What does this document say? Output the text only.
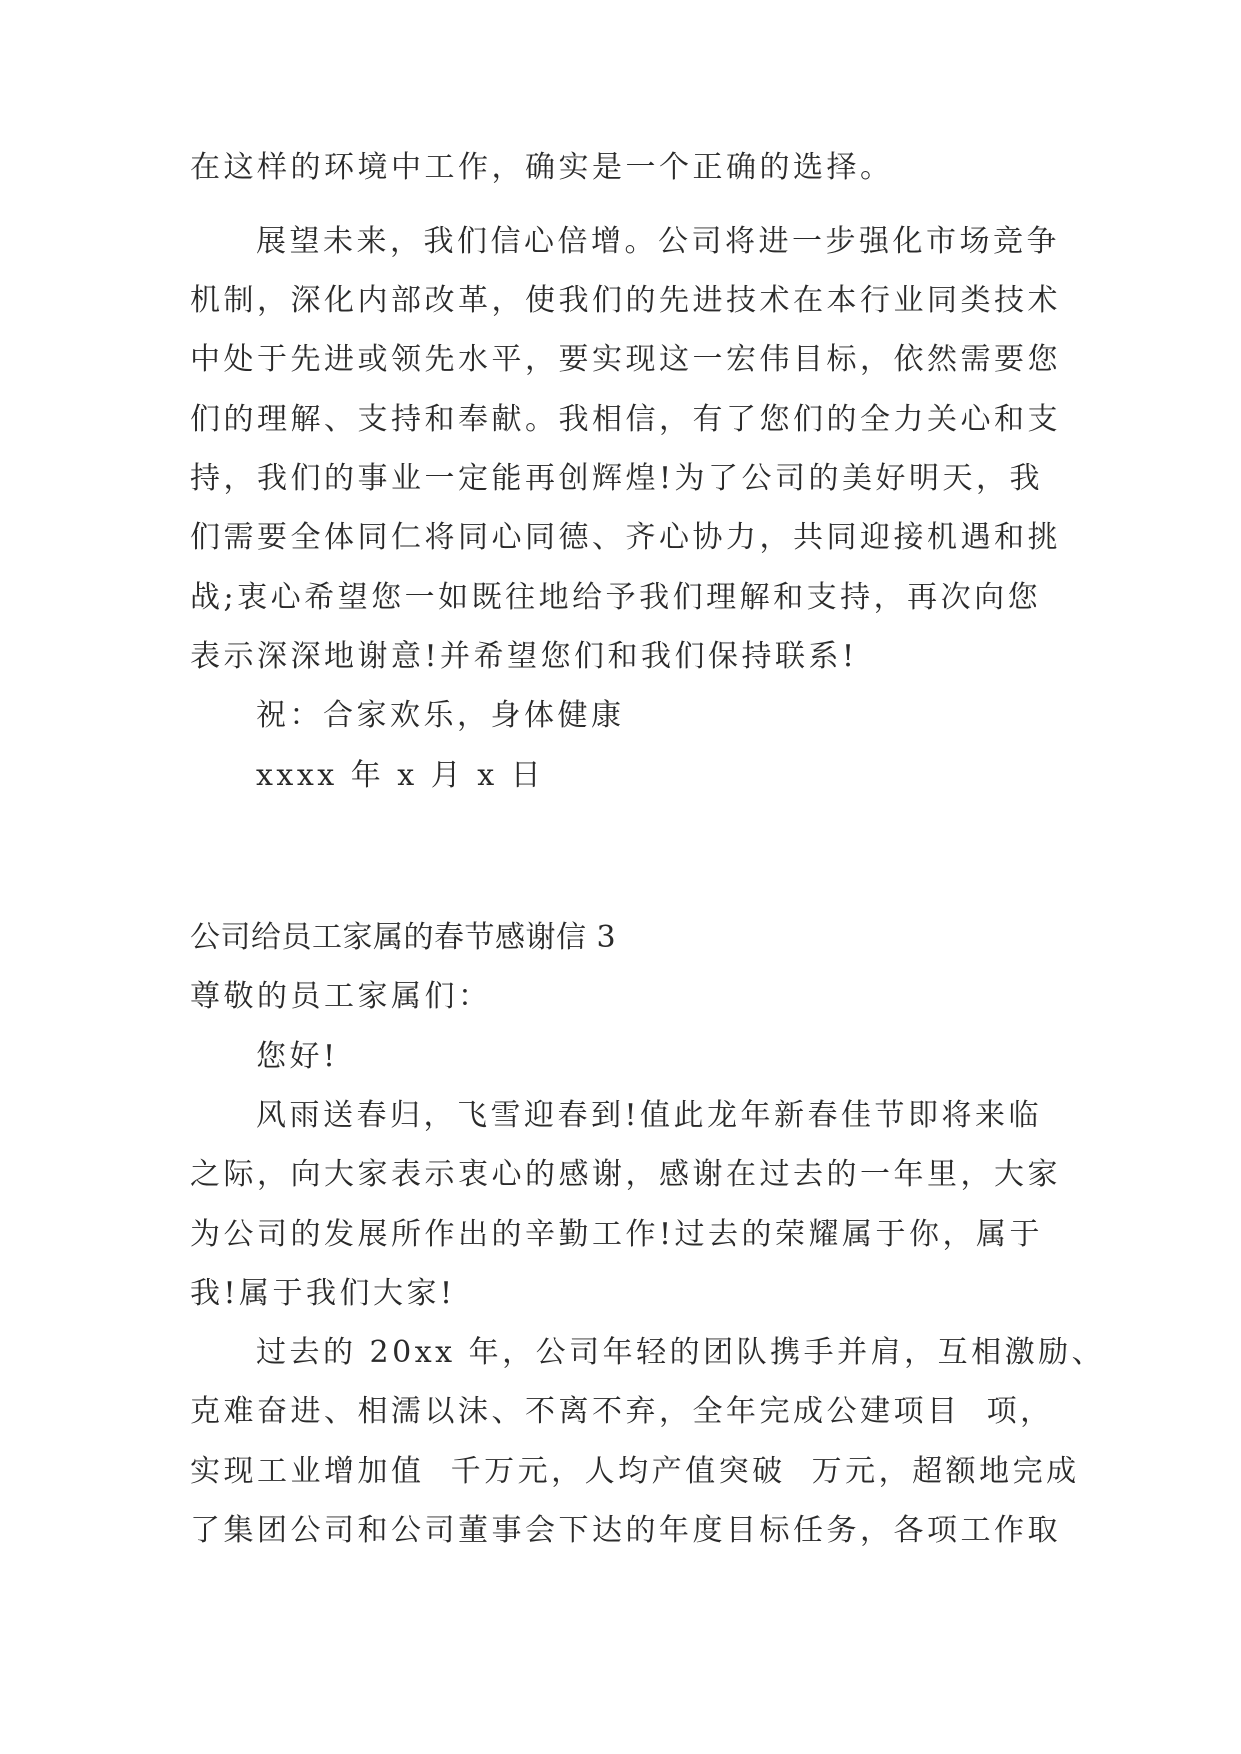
在这样的环境中工作，确实是一个正确的选择。

展望未来，我们信心倍增。公司将进一步强化市场竞争

机制，深化内部改革，使我们的先进技术在本行业同类技术

中处于先进或领先水平，要实现这一宏伟目标，依然需要您

们的理解、支持和奉献。我相信，有了您们的全力关心和支

持，我们的事业一定能再创辉煌!为了公司的美好明天，我

们需要全体同仁将同心同德、齐心协力，共同迎接机遇和挑

战;衷心希望您一如既往地给予我们理解和支持，再次向您

表示深深地谢意!并希望您们和我们保持联系!

祝：合家欢乐，身体健康

xxxx 年 x 月 x 日

公司给员工家属的春节感谢信 3

尊敬的员工家属们：

您好!

风雨送春归，飞雪迎春到!值此龙年新春佳节即将来临

之际，向大家表示衷心的感谢，感谢在过去的一年里，大家

为公司的发展所作出的辛勤工作!过去的荣耀属于你，属于

我!属于我们大家!

过去的 20xx 年，公司年轻的团队携手并肩，互相激励、

克难奋进、相濡以沫、不离不弃，全年完成公建项目  项，

实现工业增加值  千万元，人均产值突破  万元，超额地完成

了集团公司和公司董事会下达的年度目标任务，各项工作取
